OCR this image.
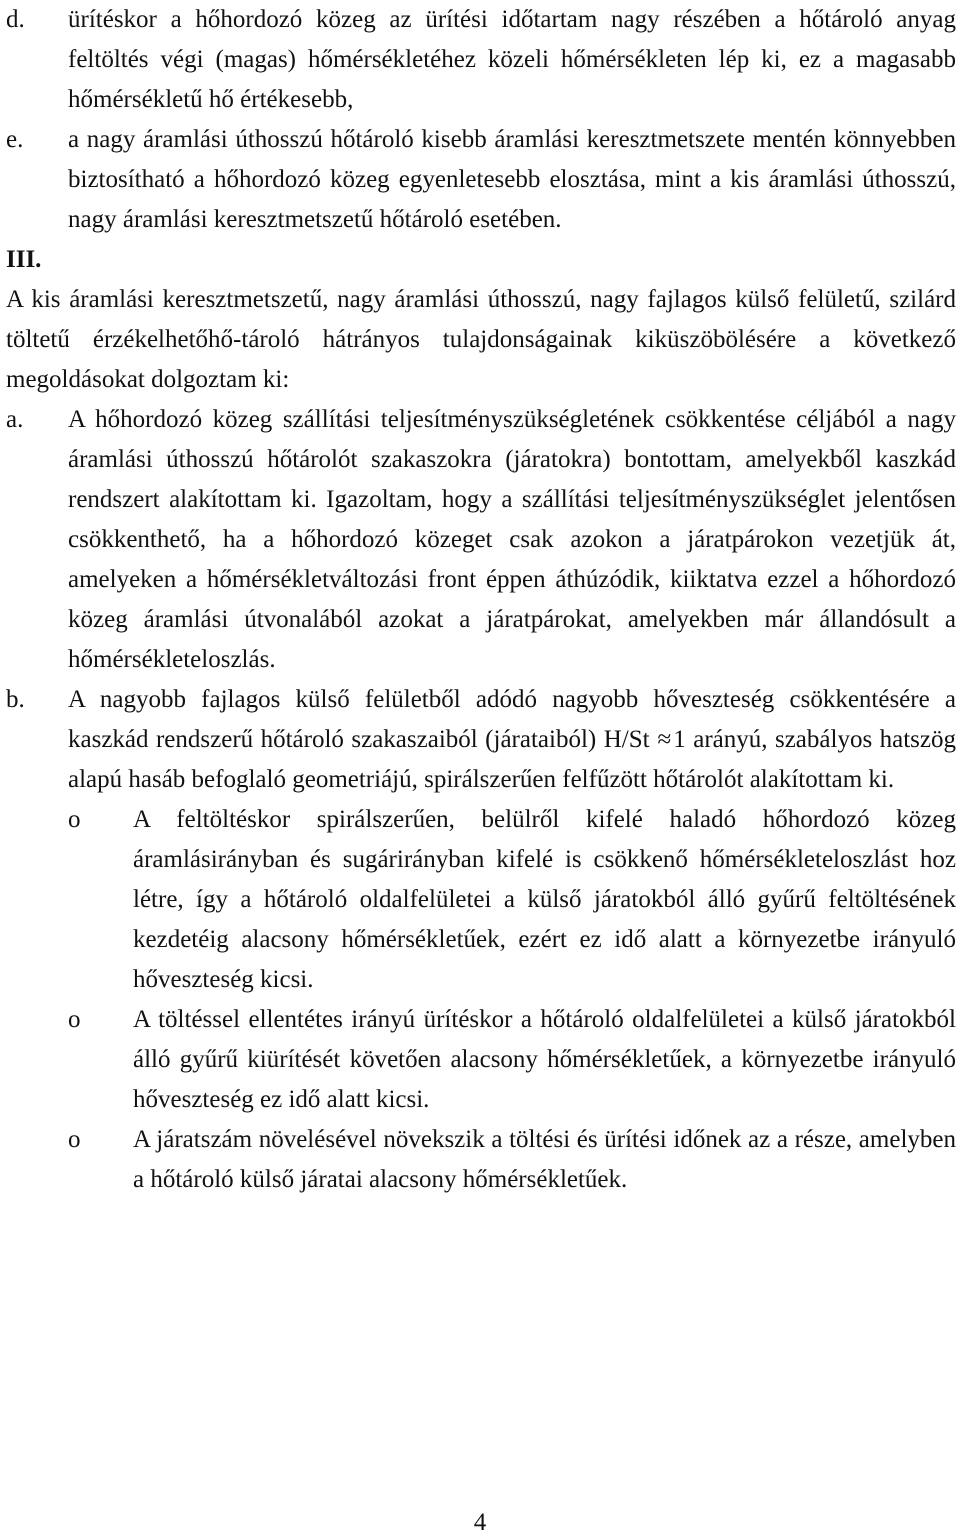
d. ürítéskor a hőhordozó közeg az ürítési időtartam nagy részében a hőtároló anyag feltöltés végi (magas) hőmérsékletéhez közeli hőmérsékleten lép ki, ez a magasabb hőmérsékletű hő értékesebb,
e. a nagy áramlási úthosszú hőtároló kisebb áramlási keresztmetszete mentén könnyebben biztosítható a hőhordozó közeg egyenletesebb elosztása, mint a kis áramlási úthosszú, nagy áramlási keresztmetszetű hőtároló esetében.
III.
A kis áramlási keresztmetszetű, nagy áramlási úthosszú, nagy fajlagos külső felületű, szilárd töltetű érzékelhetőhő-tároló hátrányos tulajdonságainak kiküszöbölésére a következő megoldásokat dolgoztam ki:
a. A hőhordozó közeg szállítási teljesítményszükségletének csökkentése céljából a nagy áramlási úthosszú hőtárolót szakaszokra (járatokra) bontottam, amelyekből kaszkád rendszert alakítottam ki. Igazoltam, hogy a szállítási teljesítményszükséglet jelentősen csökkenthető, ha a hőhordozó közeget csak azokon a járatpárokon vezetjük át, amelyeken a hőmérsékletváltozási front éppen áthúzódik, kiiktatva ezzel a hőhordozó közeg áramlási útvonalából azokat a járatpárokat, amelyekben már állandósult a hőmérsékleteloszlás.
b. A nagyobb fajlagos külső felületből adódó nagyobb hőveszteség csökkentésére a kaszkád rendszerű hőtároló szakaszaiból (járataiból) H/St ≈1 arányú, szabályos hatszög alapú hasáb befoglaló geometriájú, spirálszerűen felfűzött hőtárolót alakítottam ki.
o A feltöltéskor spirálszerűen, belülről kifelé haladó hőhordozó közeg áramlásirányban és sugárirányban kifelé is csökkenő hőmérsékleteloszlást hoz létre, így a hőtároló oldalfelületei a külső járatokból álló gyűrű feltöltésének kezdetéig alacsony hőmérsékletűek, ezért ez idő alatt a környezetbe irányuló hőveszteség kicsi.
o A töltéssel ellentétes irányú ürítéskor a hőtároló oldalfelületei a külső járatokból álló gyűrű kiürítését követően alacsony hőmérsékletűek, a környezetbe irányuló hőveszteség ez idő alatt kicsi.
o A járatszám növelésével növekszik a töltési és ürítési időnek az a része, amelyben a hőtároló külső járatai alacsony hőmérsékletűek.
4
